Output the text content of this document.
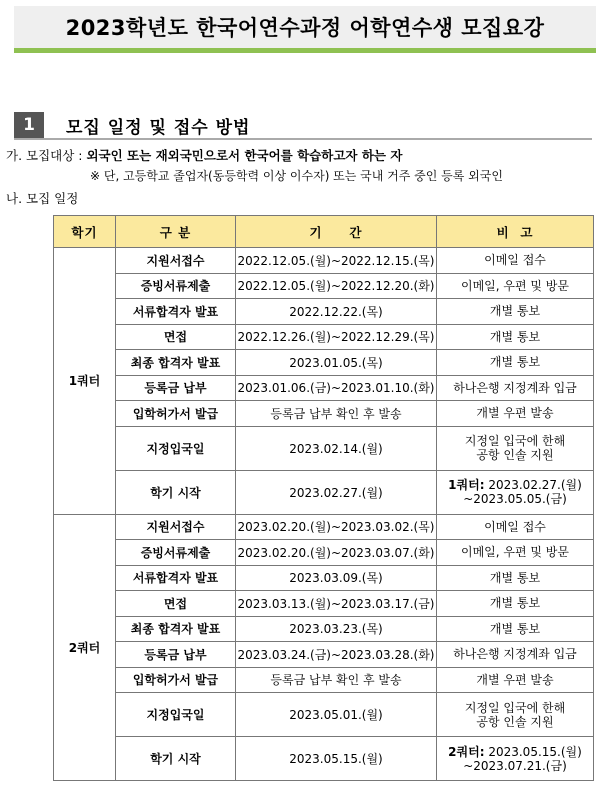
2023학년도 한국어연수과정 어학연수생 모집요강
1	모집 일정 및 접수 방법
가. 모집대상 : 외국인 또는 재외국민으로서 한국어를 학습하고자 하는 자
※ 단, 고등학교 졸업자(동등학력 이상 이수자) 또는 국내 거주 중인 등록 외국인
나. 모집 일정
학기	구 분	기     간	비  고
1쿼터	지원서접수	2022.12.05.(월)~2022.12.15.(목)	이메일 접수

	증빙서류제출	2022.12.05.(월)~2022.12.20.(화)	이메일, 우편 및 방문

	서류합격자 발표	2022.12.22.(목)	개별 통보

	면접	2022.12.26.(월)~2022.12.29.(목)	개별 통보

	최종 합격자 발표	2023.01.05.(목)	개별 통보

	등록금 납부	2023.01.06.(금)~2023.01.10.(화)	하나은행 지정계좌 입금

	입학허가서 발급	등록금 납부 확인 후 발송	개별 우편 발송

	지정입국일	2023.02.14.(월)	지정일 입국에 한해
공항 인솔 지원

	학기 시작	2023.02.27.(월)	1쿼터: 2023.02.27.(월)
~2023.05.05.(금)

2쿼터	지원서접수	2023.02.20.(월)~2023.03.02.(목)	이메일 접수

	증빙서류제출	2023.02.20.(월)~2023.03.07.(화)	이메일, 우편 및 방문

	서류합격자 발표	2023.03.09.(목)	개별 통보

	면접	2023.03.13.(월)~2023.03.17.(금)	개별 통보

	최종 합격자 발표	2023.03.23.(목)	개별 통보

	등록금 납부	2023.03.24.(금)~2023.03.28.(화)	하나은행 지정계좌 입금

	입학허가서 발급	등록금 납부 확인 후 발송	개별 우편 발송

	지정입국일	2023.05.01.(월)	지정일 입국에 한해
공항 인솔 지원

	학기 시작	2023.05.15.(월)	2쿼터: 2023.05.15.(월)
~2023.07.21.(금)
